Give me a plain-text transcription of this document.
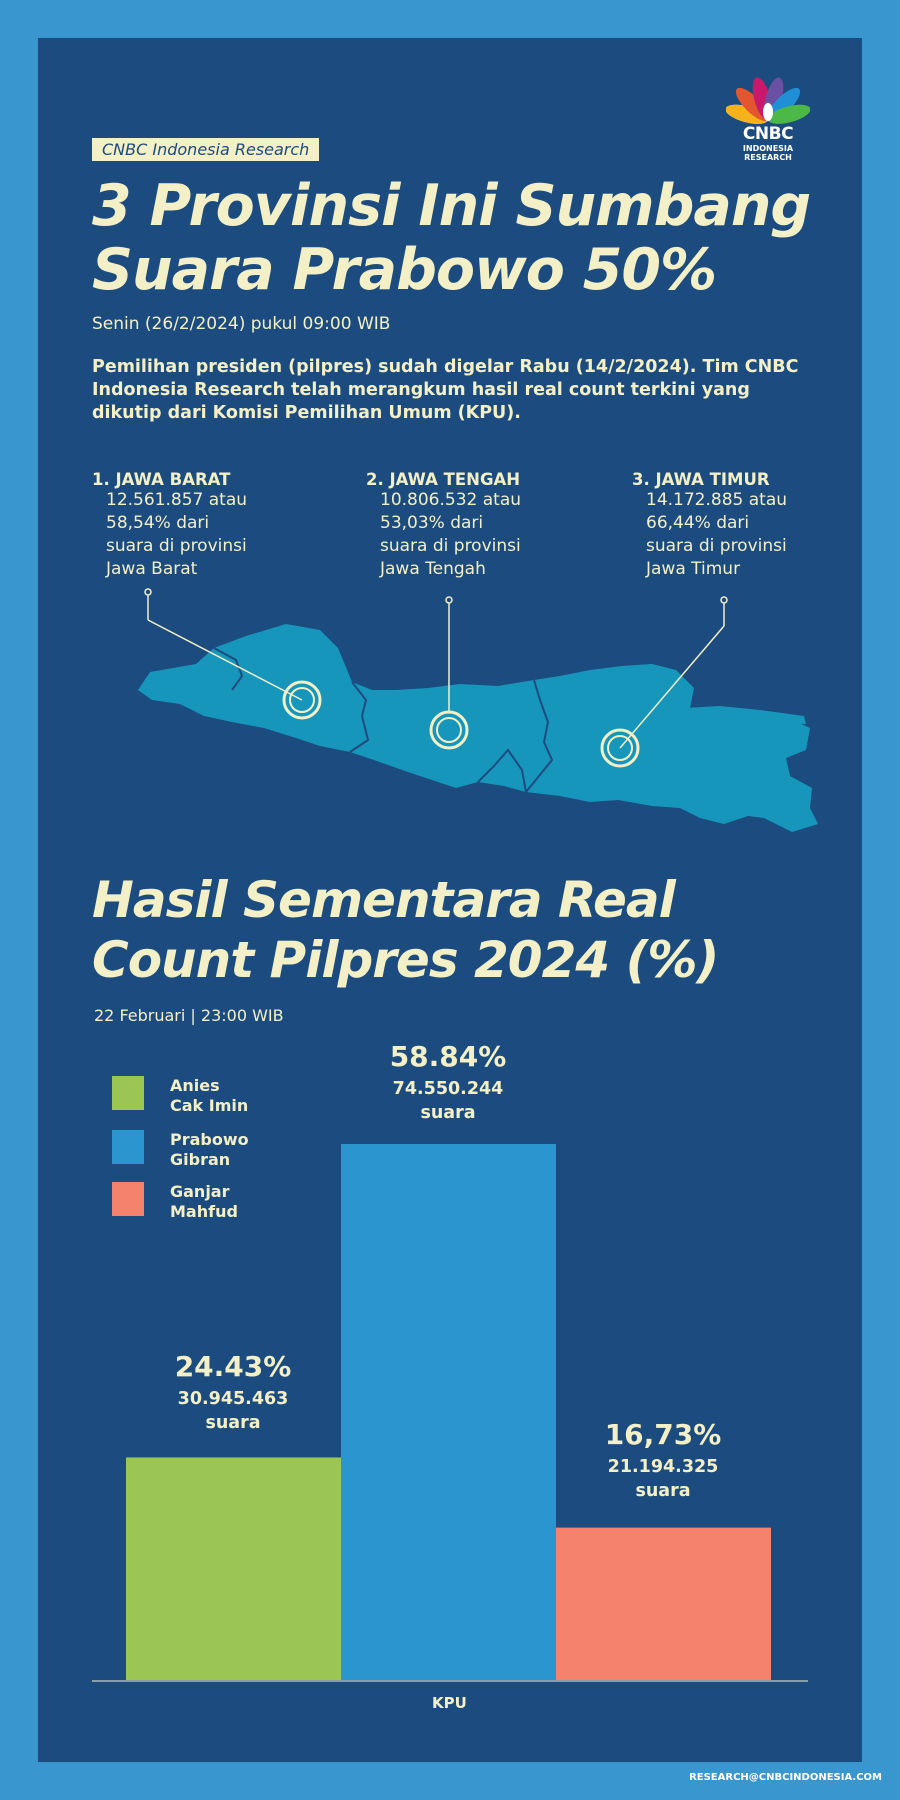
CNBC
INDONESIA
RESEARCH
CNBC Indonesia Research
3 Provinsi Ini Sumbang
Suara Prabowo 50%
Senin (26/2/2024) pukul 09:00 WIB
Pemilihan presiden (pilpres) sudah digelar Rabu (14/2/2024). Tim CNBC Indonesia Research telah merangkum hasil real count terkini yang dikutip dari Komisi Pemilihan Umum (KPU).
1. JAWA BARAT
12.561.857 atau
58,54% dari
suara di provinsi
Jawa Barat
2. JAWA TENGAH
10.806.532 atau
53,03% dari
suara di provinsi
Jawa Tengah
3. JAWA TIMUR
14.172.885 atau
66,44% dari
suara di provinsi
Jawa Timur
Hasil Sementara Real
Count Pilpres 2024 (%)
22 Februari | 23:00 WIB
Anies
Cak Imin
Prabowo
Gibran
Ganjar
Mahfud
24.43%
30.945.463
suara
58.84%
74.550.244
suara
16,73%
21.194.325
suara
KPU
RESEARCH@CNBCINDONESIA.COM
